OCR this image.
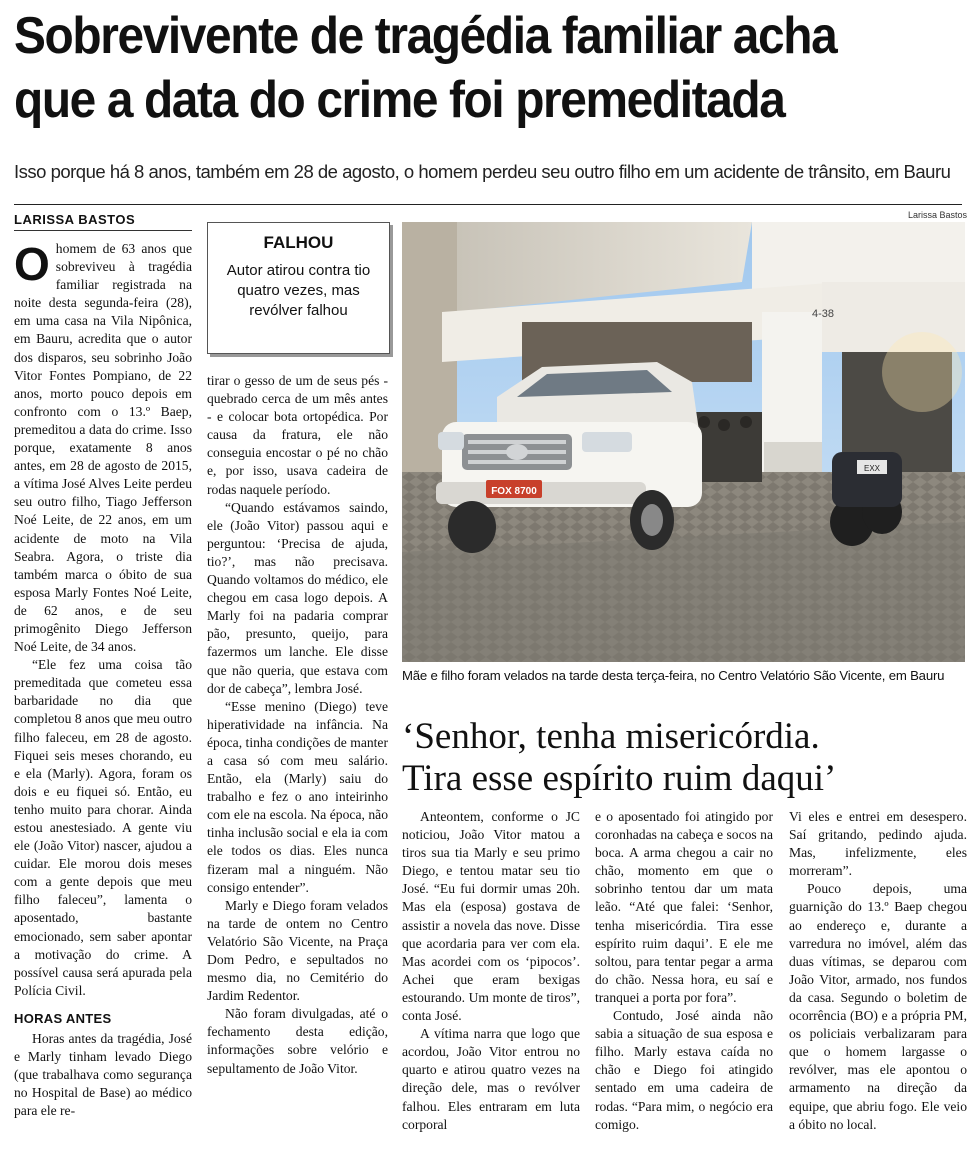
Sobrevivente de tragédia familiar acha
que a data do crime foi premeditada

Isso porque há 8 anos, também em 28 de agosto, o homem perdeu seu outro filho em um acidente de trânsito, em Bauru

LARISSA BASTOS
O homem de 63 anos que sobreviveu à tragédia familiar registrada na noite desta segunda-feira (28), em uma casa na Vila Nipônica, em Bauru, acredita que o autor dos disparos, seu sobrinho João Vitor Fontes Pompiano, de 22 anos, morto pouco depois em confronto com o 13.º Baep, premeditou a data do crime. Isso porque, exatamente 8 anos antes, em 28 de agosto de 2015, a vítima José Alves Leite perdeu seu outro filho, Tiago Jefferson Noé Leite, de 22 anos, em um acidente de moto na Vila Seabra. Agora, o triste dia também marca o óbito de sua esposa Marly Fontes Noé Leite, de 62 anos, e de seu primogênito Diego Jefferson Noé Leite, de 34 anos.

“Ele fez uma coisa tão premeditada que cometeu essa barbaridade no dia que completou 8 anos que meu outro filho faleceu, em 28 de agosto. Fiquei seis meses chorando, eu e ela (Marly). Agora, foram os dois e eu fiquei só. Então, eu tenho muito para chorar. Ainda estou anestesiado. A gente viu ele (João Vitor) nascer, ajudou a cuidar. Ele morou dois meses com a gente depois que meu filho faleceu”, lamenta o aposentado, bastante emocionado, sem saber apontar a motivação do crime. A possível causa será apurada pela Polícia Civil.

HORAS ANTES

Horas antes da tragédia, José e Marly tinham levado Diego (que trabalhava como segurança no Hospital de Base) ao médico para ele re-

FALHOU
Autor atirou contra tio quatro vezes, mas revólver falhou

tirar o gesso de um de seus pés - quebrado cerca de um mês antes - e colocar bota ortopédica. Por causa da fratura, ele não conseguia encostar o pé no chão e, por isso, usava cadeira de rodas naquele período.

“Quando estávamos saindo, ele (João Vitor) passou aqui e perguntou: ‘Precisa de ajuda, tio?’, mas não precisava. Quando voltamos do médico, ele chegou em casa logo depois. A Marly foi na padaria comprar pão, presunto, queijo, para fazermos um lanche. Ele disse que não queria, que estava com dor de cabeça”, lembra José.

“Esse menino (Diego) teve hiperatividade na infância. Na época, tinha condições de manter a casa só com meu salário. Então, ela (Marly) saiu do trabalho e fez o ano inteirinho com ele na escola. Na época, não tinha inclusão social e ela ia com ele todos os dias. Eles nunca fizeram mal a ninguém. Não consigo entender”.

Marly e Diego foram velados na tarde de ontem no Centro Velatório São Vicente, na Praça Dom Pedro, e sepultados no mesmo dia, no Cemitério do Jardim Redentor.

Não foram divulgadas, até o fechamento desta edição, informações sobre velório e sepultamento de João Vitor.

Larissa Bastos
4-38
FOX 8700
EXX
Mãe e filho foram velados na tarde desta terça-feira, no Centro Velatório São Vicente, em Bauru
‘Senhor, tenha misericórdia.
Tira esse espírito ruim daqui’

Anteontem, conforme o JC noticiou, João Vitor matou a tiros sua tia Marly e seu primo Diego, e tentou matar seu tio José. “Eu fui dormir umas 20h. Mas ela (esposa) gostava de assistir a novela das nove. Disse que acordaria para ver com ela. Mas acordei com os ‘pipocos’. Achei que eram bexigas estourando. Um monte de tiros”, conta José.

A vítima narra que logo que acordou, João Vitor entrou no quarto e atirou quatro vezes na direção dele, mas o revólver falhou. Eles entraram em luta corporal

e o aposentado foi atingido por coronhadas na cabeça e socos na boca. A arma chegou a cair no chão, momento em que o sobrinho tentou dar um mata leão. “Até que falei: ‘Senhor, tenha misericórdia. Tira esse espírito ruim daqui’. E ele me soltou, para tentar pegar a arma do chão. Nessa hora, eu saí e tranquei a porta por fora”.

Contudo, José ainda não sabia a situação de sua esposa e filho. Marly estava caída no chão e Diego foi atingido sentado em uma cadeira de rodas. “Para mim, o negócio era comigo.

Vi eles e entrei em desespero. Saí gritando, pedindo ajuda. Mas, infelizmente, eles morreram”.

Pouco depois, uma guarnição do 13.º Baep chegou ao endereço e, durante a varredura no imóvel, além das duas vítimas, se deparou com João Vitor, armado, nos fundos da casa. Segundo o boletim de ocorrência (BO) e a própria PM, os policiais verbalizaram para que o homem largasse o revólver, mas ele apontou o armamento na direção da equipe, que abriu fogo. Ele veio a óbito no local.
